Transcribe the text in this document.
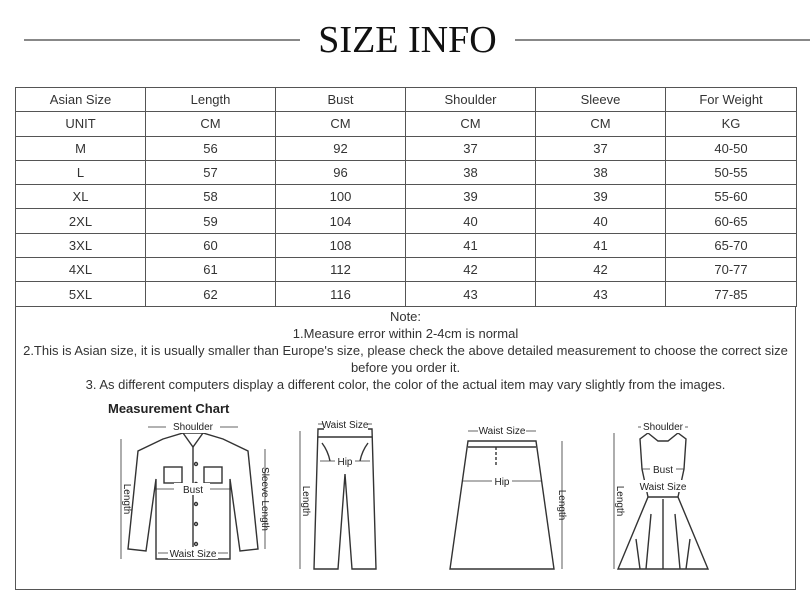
SIZE INFO
Asian Size	Length	Bust	Shoulder	Sleeve	For Weight
UNIT	CM	CM	CM	CM	KG
M	56	92	37	37	40-50
L	57	96	38	38	50-55
XL	58	100	39	39	55-60
2XL	59	104	40	40	60-65
3XL	60	108	41	41	65-70
4XL	61	112	42	42	70-77
5XL	62	116	43	43	77-85
Note:
1.Measure error within 2-4cm is normal
2.This is Asian size, it is usually smaller than Europe's size, please check the above detailed measurement to choose the correct size before you order it.
3. As different computers display a different color, the color of the actual item may vary slightly from the images.
Measurement Chart
Shoulder
Bust
Waist Size
Length	Sleeve Length
Waist Size
Hip
Length
Waist Size
Hip
Length
Shoulder
Bust
Waist Size
Length
